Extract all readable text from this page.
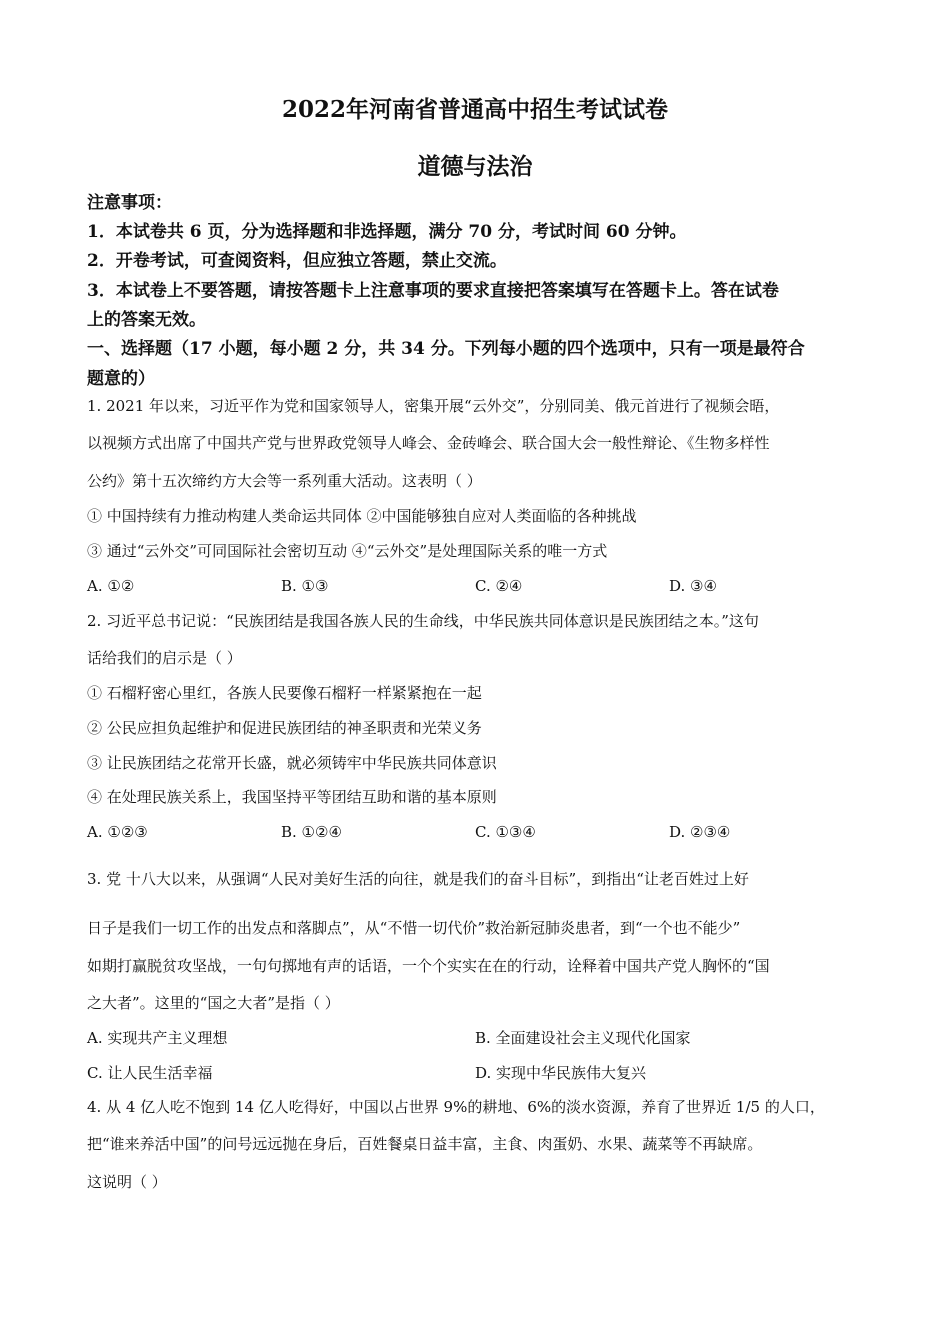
2022年河南省普通高中招生考试试卷
道德与法治
注意事项：
1．本试卷共 6 页，分为选择题和非选择题，满分 70 分，考试时间 60 分钟。
2．开卷考试，可查阅资料，但应独立答题，禁止交流。
3．本试卷上不要答题，请按答题卡上注意事项的要求直接把答案填写在答题卡上。答在试卷
上的答案无效。
一、选择题（17 小题，每小题 2 分，共 34 分。下列每小题的四个选项中，只有一项是最符合
题意的）
1. 2021 年以来，习近平作为党和国家领导人，密集开展“云外交”，分别同美、俄元首进行了视频会晤，
以视频方式出席了中国共产党与世界政党领导人峰会、金砖峰会、联合国大会一般性辩论、《生物多样性
公约》第十五次缔约方大会等一系列重大活动。这表明（ ）
① 中国持续有力推动构建人类命运共同体 ②中国能够独自应对人类面临的各种挑战
③ 通过“云外交”可同国际社会密切互动 ④“云外交”是处理国际关系的唯一方式
A. ①②	B. ①③	C. ②④	D. ③④
2. 习近平总书记说：“民族团结是我国各族人民的生命线，中华民族共同体意识是民族团结之本。”这句
话给我们的启示是（ ）
① 石榴籽密心里红，各族人民要像石榴籽一样紧紧抱在一起
② 公民应担负起维护和促进民族团结的神圣职责和光荣义务
③ 让民族团结之花常开长盛，就必须铸牢中华民族共同体意识
④ 在处理民族关系上，我国坚持平等团结互助和谐的基本原则
A. ①②③	B. ①②④	C. ①③④	D. ②③④
3. 党 十八大以来，从强调“人民对美好生活的向往，就是我们的奋斗目标”，到指出“让老百姓过上好
日子是我们一切工作的出发点和落脚点”，从“不惜一切代价”救治新冠肺炎患者，到“一个也不能少”
如期打赢脱贫攻坚战，一句句掷地有声的话语，一个个实实在在的行动，诠释着中国共产党人胸怀的“国
之大者”。这里的“国之大者”是指（ ）
A. 实现共产主义理想	B. 全面建设社会主义现代化国家
C. 让人民生活幸福	D. 实现中华民族伟大复兴
4. 从 4 亿人吃不饱到 14 亿人吃得好，中国以占世界 9%的耕地、6%的淡水资源，养育了世界近 1/5 的人口，
把“谁来养活中国”的问号远远抛在身后，百姓餐桌日益丰富，主食、肉蛋奶、水果、蔬菜等不再缺席。
这说明（ ）
